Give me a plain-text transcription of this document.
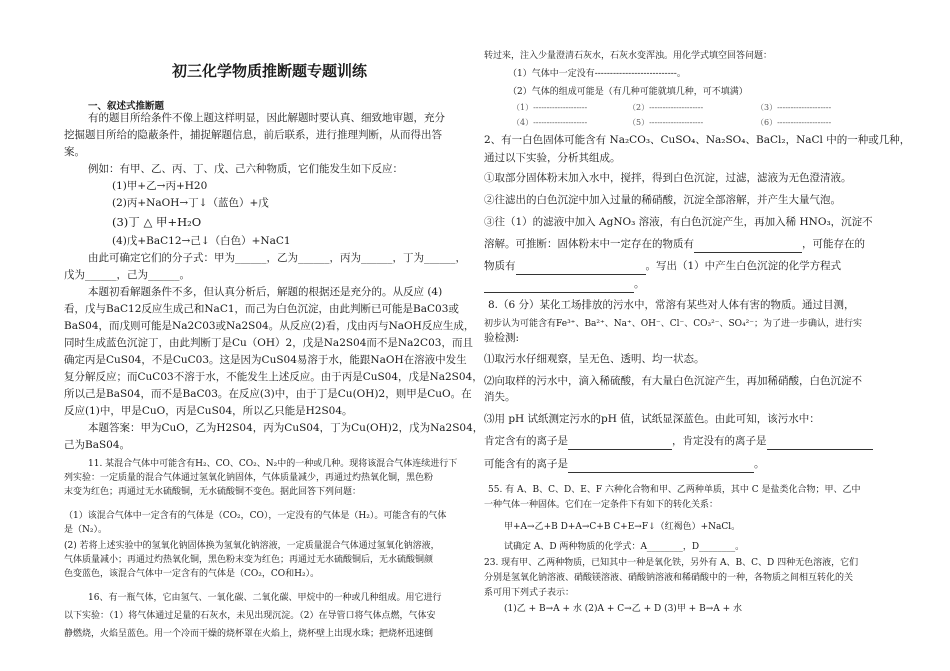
初三化学物质推断题专题训练
一、叙述式推断题
有的题目所给条件不像上题这样明显，因此解题时要认真、细致地审题，充分
挖掘题目所给的隐蔽条件，捕捉解题信息，前后联系，进行推理判断，从而得出答
案。
例如：有甲、乙、丙、丁、戊、己六种物质，它们能发生如下反应：
(1)甲+乙→丙+H20
(2)丙+NaOH→丁↓（蓝色）+戊
(3)丁 △ 甲+H₂O
(4)戊+BaC12→己↓（白色）+NaC1
由此可确定它们的分子式：甲为______，乙为______，丙为______，丁为______，
戊为______，己为______。
本题初看解题条件不多，但认真分析后，解题的根据还是充分的。从反应 (4)
看，戊与BaC12反应生成己和NaC1，而己为白色沉淀，由此判断已可能是BaC03或
BaS04，而戊则可能是Na2C03或Na2S04。从反应(2)看，戊由丙与NaOH反应生成，
同时生成蓝色沉淀丁，由此判断丁是Cu（OH）2，戊是Na2S04而不是Na2C03，而且
确定丙是CuS04，不是CuC03。这是因为CuS04易溶于水，能跟NaOH在溶液中发生
复分解反应；而CuC03不溶于水，不能发生上述反应。由于丙是CuS04，戊是Na2S04，
所以己是BaS04，而不是BaC03。在反应(3)中，由于丁是Cu(OH)2，则甲是CuO。在
反应(1)中，甲是CuO，丙是CuS04，所以乙只能是H2S04。
本题答案：甲为CuO，乙为H2S04，丙为CuS04，丁为Cu(OH)2，戊为Na2S04，
己为BaS04。
11. 某混合气体中可能含有H₂、CO、CO₂、N₂中的一种或几种。现将该混合气体连续进行下
列实验：一定质量的混合气体通过氢氧化钠固体，气体质量减少，再通过灼热氧化铜，黑色粉
末变为红色；再通过无水硫酸铜，无水硫酸铜不变色。据此回答下列问题：
（1）该混合气体中一定含有的气体是（CO₂，CO），一定没有的气体是（H₂）。可能含有的气体
是（N₂）。
(2) 若将上述实验中的氢氧化钠固体换为氢氧化钠溶液，一定质量混合气体通过氢氧化钠溶液，
气体质量减小；再通过灼热氧化铜，黑色粉末变为红色；再通过无水硫酸铜后，无水硫酸铜颜
色变蓝色，该混合气体中一定含有的气体是（CO₂，CO和H₂）。
16、有一瓶气体，它由氢气、一氧化碳、二氧化碳、甲烷中的一种或几种组成。用它进行
以下实验：（1）将气体通过足量的石灰水，未见出现沉淀。（2）在导管口将气体点燃，气体安
静燃烧，火焰呈蓝色。用一个冷而干燥的烧杯罩在火焰上，烧杯壁上出现水珠；把烧杯迅速倒
转过来，注入少量澄清石灰水，石灰水变浑浊。用化学式填空回答问题：
（1）气体中一定没有---------------------------。
（2）气体的组成可能是（有几种可能就填几种，可不填满）
（1）--------------------	（2）--------------------	（3）--------------------
（4）--------------------	（5）--------------------	（6）--------------------
2、有一白色固体可能含有 Na₂CO₃、CuSO₄、Na₂SO₄、BaCl₂，NaCl 中的一种或几种，
通过以下实验，分析其组成。
①取部分固体粉末加入水中，搅拌，得到白色沉淀，过滤，滤液为无色澄清液。
②往滤出的白色沉淀中加入过量的稀硝酸，沉淀全部溶解，并产生大量气泡。
③往（1）的滤液中加入 AgNO₃ 溶液，有白色沉淀产生，再加入稀 HNO₃，沉淀不
溶解。可推断：固体粉末中一定存在的物质有	，可能存在的
物质有	。写出（1）中产生白色沉淀的化学方程式
。
8.（6 分）某化工场排放的污水中，常溶有某些对人体有害的物质。通过目测，
初步认为可能含有Fe³⁺、Ba²⁺、Na⁺、OH⁻、Cl⁻、CO₃²⁻、SO₄²⁻；为了进一步确认，进行实
验检测:
⑴取污水仔细观察，呈无色、透明、均一状态。
⑵向取样的污水中，滴入稀硫酸，有大量白色沉淀产生，再加稀硝酸，白色沉淀不
消失。
⑶用 pH 试纸测定污水的pH 值，试纸显深蓝色。由此可知，该污水中：
肯定含有的离子是	，肯定没有的离子是
可能含有的离子是	。
55. 有 A、B、C、D、E、F 六种化合物和甲、乙两种单质，其中 C 是盐类化合物；甲、乙中
一种气体一种固体。它们在一定条件下有如下的转化关系：
甲+A→乙+B D+A→C+B C+E→F↓（红褐色）+NaCl。
试确定 A、D 两种物质的化学式：A________，D________。
23. 现有甲、乙两种物质，已知其中一种是氧化铁，另外有 A、B、C、D 四种无色溶液，它们
分别是氢氧化钠溶液、硝酸镁溶液、硝酸钠溶液和稀硝酸中的一种，各物质之间相互转化的关
系可用下列式子表示：
(1)乙 + B→A + 水 (2)A + C→乙 + D (3)甲 + B→A + 水
